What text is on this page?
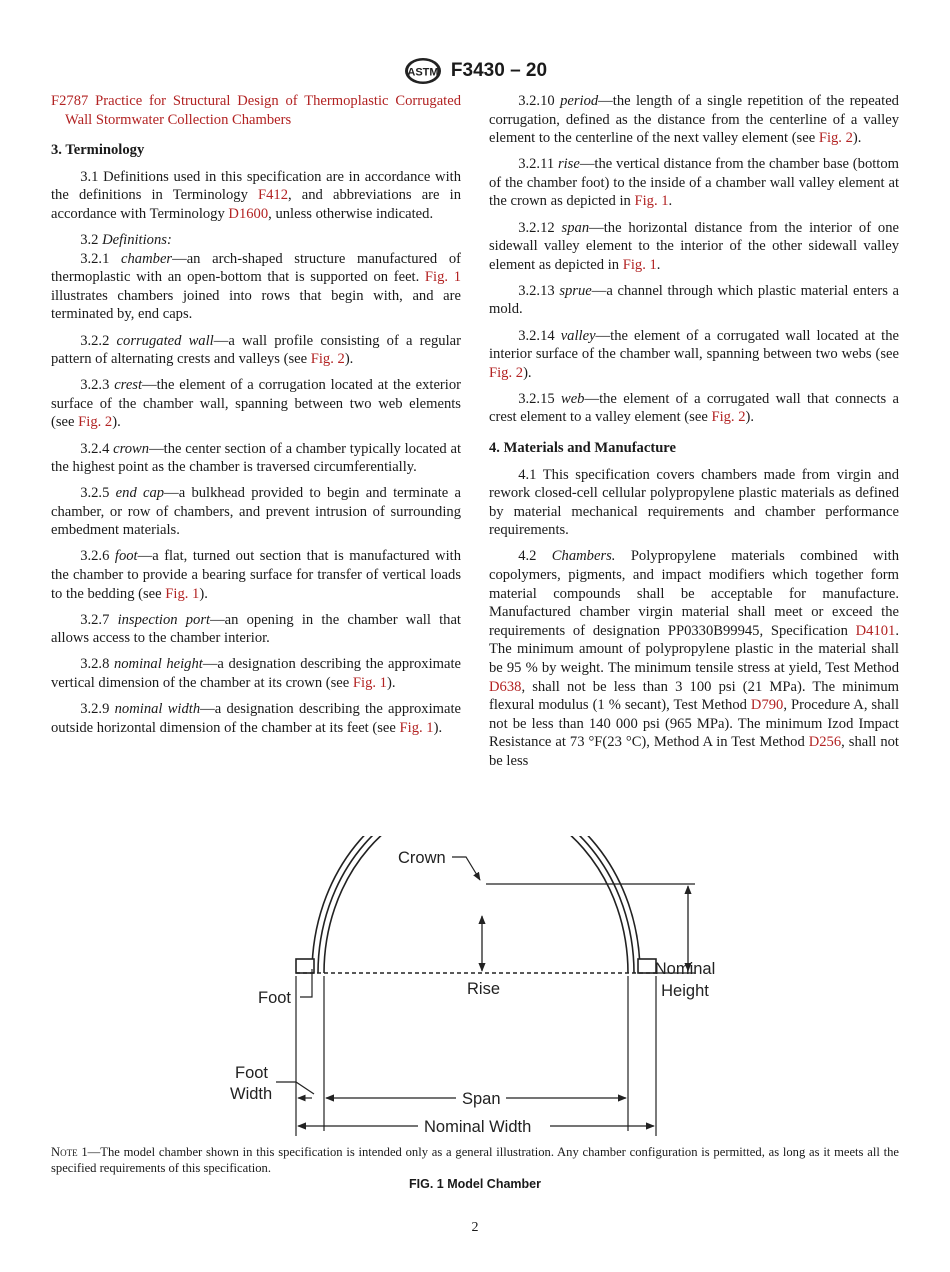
ASTM F3430 – 20

F2787 Practice for Structural Design of Thermoplastic Corrugated Wall Stormwater Collection Chambers

3. Terminology

3.1 Definitions used in this specification are in accordance with the definitions in Terminology F412, and abbreviations are in accordance with Terminology D1600, unless otherwise indicated.

3.2 Definitions:

3.2.1 chamber—an arch-shaped structure manufactured of thermoplastic with an open-bottom that is supported on feet. Fig. 1 illustrates chambers joined into rows that begin with, and are terminated by, end caps.

3.2.2 corrugated wall—a wall profile consisting of a regular pattern of alternating crests and valleys (see Fig. 2).

3.2.3 crest—the element of a corrugation located at the exterior surface of the chamber wall, spanning between two web elements (see Fig. 2).

3.2.4 crown—the center section of a chamber typically located at the highest point as the chamber is traversed circumferentially.

3.2.5 end cap—a bulkhead provided to begin and terminate a chamber, or row of chambers, and prevent intrusion of surrounding embedment materials.

3.2.6 foot—a flat, turned out section that is manufactured with the chamber to provide a bearing surface for transfer of vertical loads to the bedding (see Fig. 1).

3.2.7 inspection port—an opening in the chamber wall that allows access to the chamber interior.

3.2.8 nominal height—a designation describing the approximate vertical dimension of the chamber at its crown (see Fig. 1).

3.2.9 nominal width—a designation describing the approximate outside horizontal dimension of the chamber at its feet (see Fig. 1).

3.2.10 period—the length of a single repetition of the repeated corrugation, defined as the distance from the centerline of a valley element to the centerline of the next valley element (see Fig. 2).

3.2.11 rise—the vertical distance from the chamber base (bottom of the chamber foot) to the inside of a chamber wall valley element at the crown as depicted in Fig. 1.

3.2.12 span—the horizontal distance from the interior of one sidewall valley element to the interior of the other sidewall valley element as depicted in Fig. 1.

3.2.13 sprue—a channel through which plastic material enters a mold.

3.2.14 valley—the element of a corrugated wall located at the interior surface of the chamber wall, spanning between two webs (see Fig. 2).

3.2.15 web—the element of a corrugated wall that connects a crest element to a valley element (see Fig. 2).

4. Materials and Manufacture

4.1 This specification covers chambers made from virgin and rework closed-cell cellular polypropylene plastic materials as defined by material mechanical requirements and chamber performance requirements.

4.2 Chambers. Polypropylene materials combined with copolymers, pigments, and impact modifiers which together form material compounds shall be acceptable for manufacture. Manufactured chamber virgin material shall meet or exceed the requirements of designation PP0330B99945, Specification D4101. The minimum amount of polypropylene plastic in the material shall be 95 % by weight. The minimum tensile stress at yield, Test Method D638, shall not be less than 3 100 psi (21 MPa). The minimum flexural modulus (1 % secant), Test Method D790, Procedure A, shall not be less than 140 000 psi (965 MPa). The minimum Izod Impact Resistance at 73 °F(23 °C), Method A in Test Method D256, shall not be less

Crown
Foot	Rise
Nominal
Height
Foot
Width	Span
Nominal Width
Note 1—The model chamber shown in this specification is intended only as a general illustration. Any chamber configuration is permitted, as long as it meets all the specified requirements of this specification.
FIG. 1 Model Chamber
2
